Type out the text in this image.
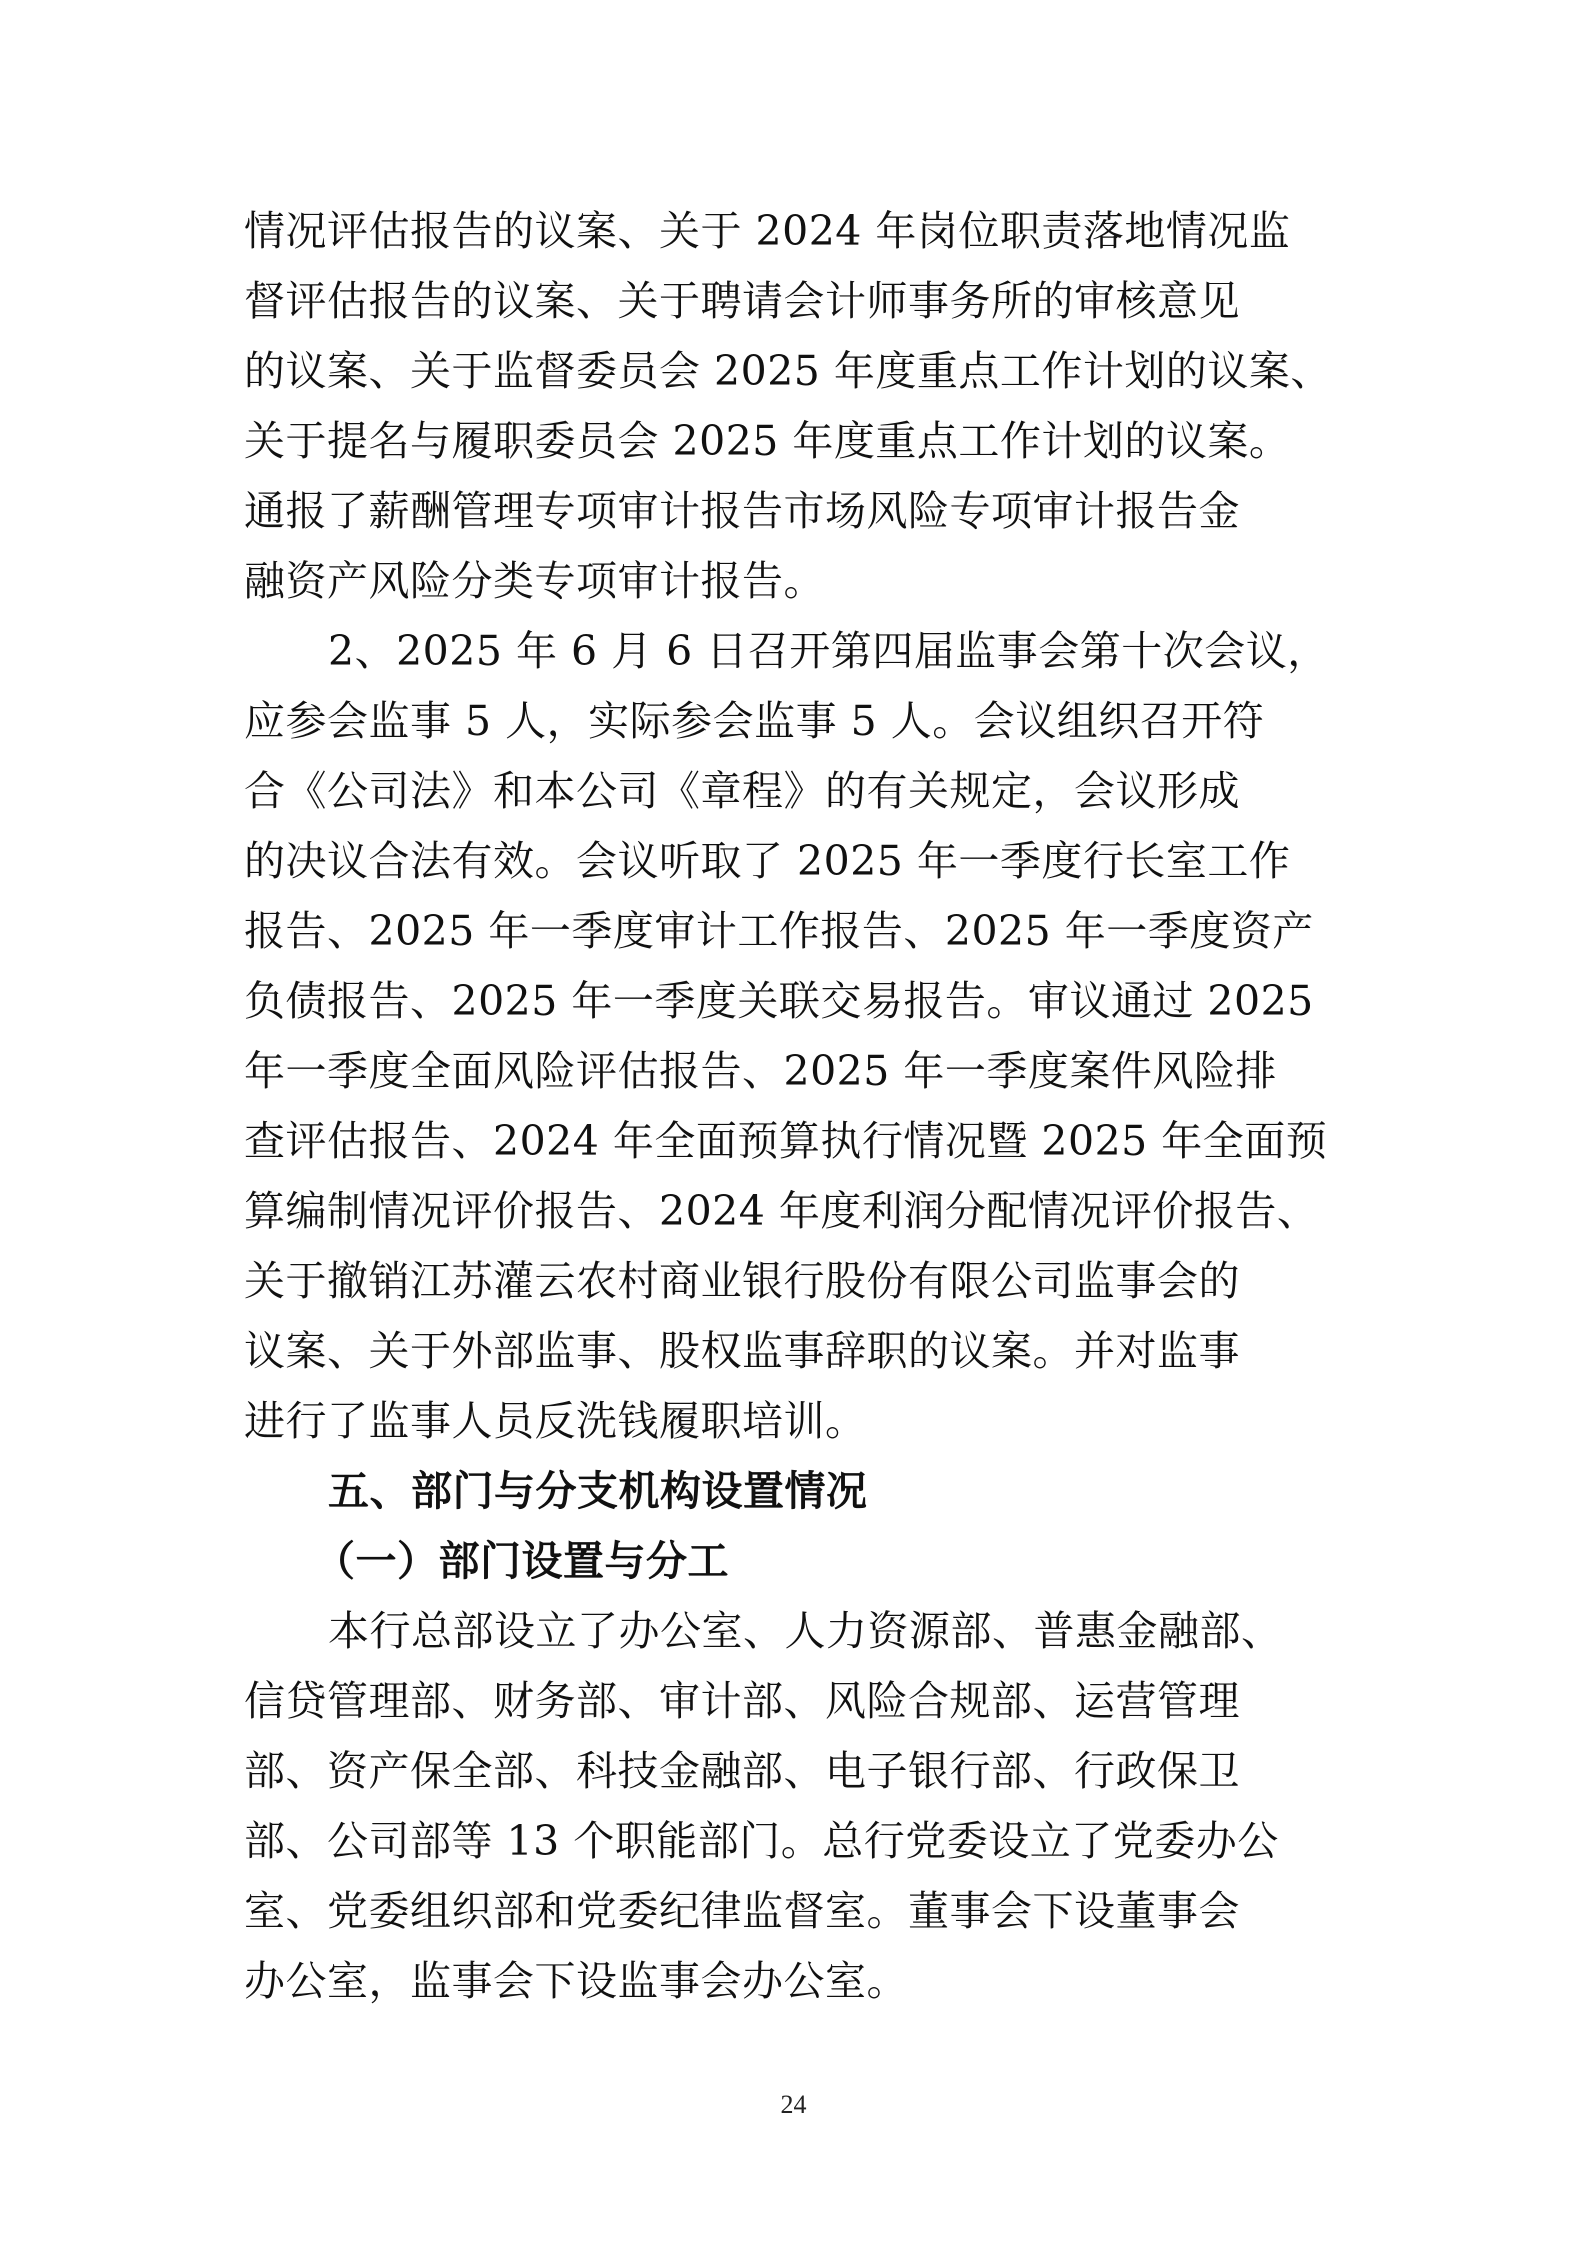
情况评估报告的议案、关于 2024 年岗位职责落地情况监
督评估报告的议案、关于聘请会计师事务所的审核意见
的议案、关于监督委员会 2025 年度重点工作计划的议案、
关于提名与履职委员会 2025 年度重点工作计划的议案。
通报了薪酬管理专项审计报告市场风险专项审计报告金
融资产风险分类专项审计报告。
2、2025 年 6 月 6 日召开第四届监事会第十次会议，
应参会监事 5 人，实际参会监事 5 人。会议组织召开符
合《公司法》和本公司《章程》的有关规定，会议形成
的决议合法有效。会议听取了 2025 年一季度行长室工作
报告、2025 年一季度审计工作报告、2025 年一季度资产
负债报告、2025 年一季度关联交易报告。审议通过 2025
年一季度全面风险评估报告、2025 年一季度案件风险排
查评估报告、2024 年全面预算执行情况暨 2025 年全面预
算编制情况评价报告、2024 年度利润分配情况评价报告、
关于撤销江苏灌云农村商业银行股份有限公司监事会的
议案、关于外部监事、股权监事辞职的议案。并对监事
进行了监事人员反洗钱履职培训。
五、部门与分支机构设置情况
（一）部门设置与分工
本行总部设立了办公室、人力资源部、普惠金融部、
信贷管理部、财务部、审计部、风险合规部、运营管理
部、资产保全部、科技金融部、电子银行部、行政保卫
部、公司部等 13 个职能部门。总行党委设立了党委办公
室、党委组织部和党委纪律监督室。董事会下设董事会
办公室，监事会下设监事会办公室。
24
